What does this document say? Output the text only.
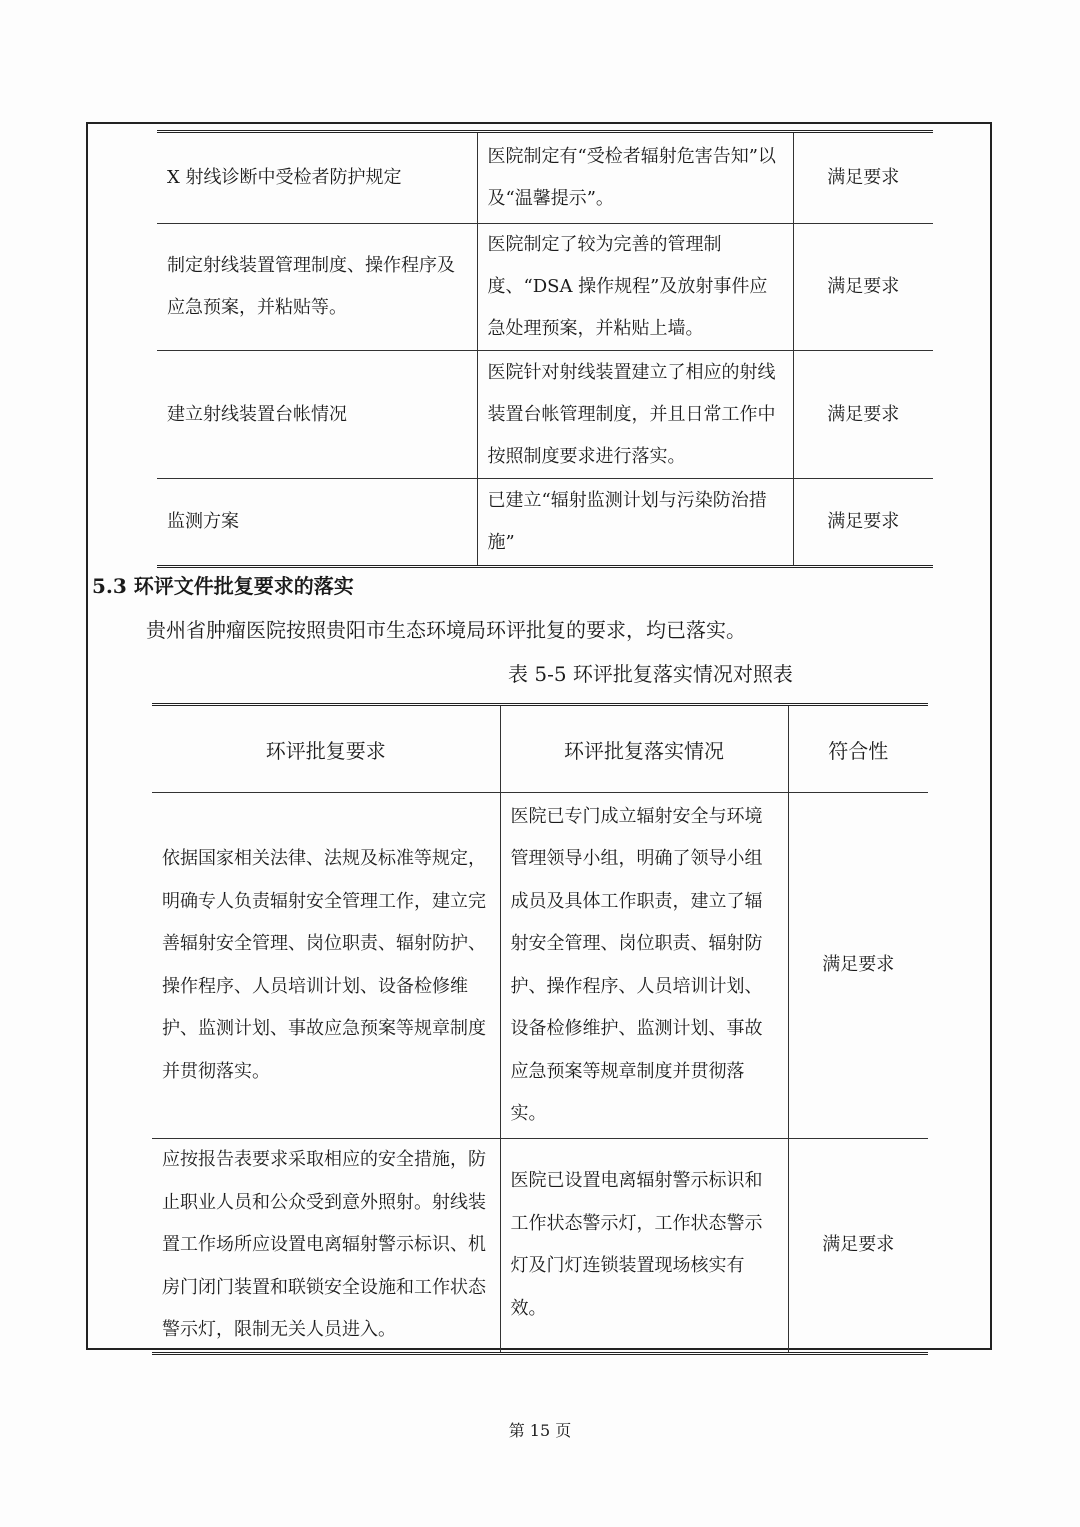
X 射线诊断中受检者防护规定	医院制定有“受检者辐射危害告知”以及“温馨提示”。	满足要求
制定射线装置管理制度、操作程序及应急预案，并粘贴等。	医院制定了较为完善的管理制度、“DSA 操作规程”及放射事件应急处理预案，并粘贴上墙。	满足要求
建立射线装置台帐情况	医院针对射线装置建立了相应的射线装置台帐管理制度，并且日常工作中按照制度要求进行落实。	满足要求
监测方案	已建立“辐射监测计划与污染防治措施”	满足要求
5.3 环评文件批复要求的落实
贵州省肿瘤医院按照贵阳市生态环境局环评批复的要求，均已落实。
表 5-5 环评批复落实情况对照表
环评批复要求	环评批复落实情况	符合性
依据国家相关法律、法规及标准等规定，明确专人负责辐射安全管理工作，建立完善辐射安全管理、岗位职责、辐射防护、操作程序、人员培训计划、设备检修维护、监测计划、事故应急预案等规章制度并贯彻落实。	医院已专门成立辐射安全与环境管理领导小组，明确了领导小组成员及具体工作职责，建立了辐射安全管理、岗位职责、辐射防护、操作程序、人员培训计划、设备检修维护、监测计划、事故应急预案等规章制度并贯彻落实。	满足要求
应按报告表要求采取相应的安全措施，防止职业人员和公众受到意外照射。射线装置工作场所应设置电离辐射警示标识、机房门闭门装置和联锁安全设施和工作状态警示灯，限制无关人员进入。	医院已设置电离辐射警示标识和工作状态警示灯，工作状态警示灯及门灯连锁装置现场核实有效。	满足要求
第 15 页
